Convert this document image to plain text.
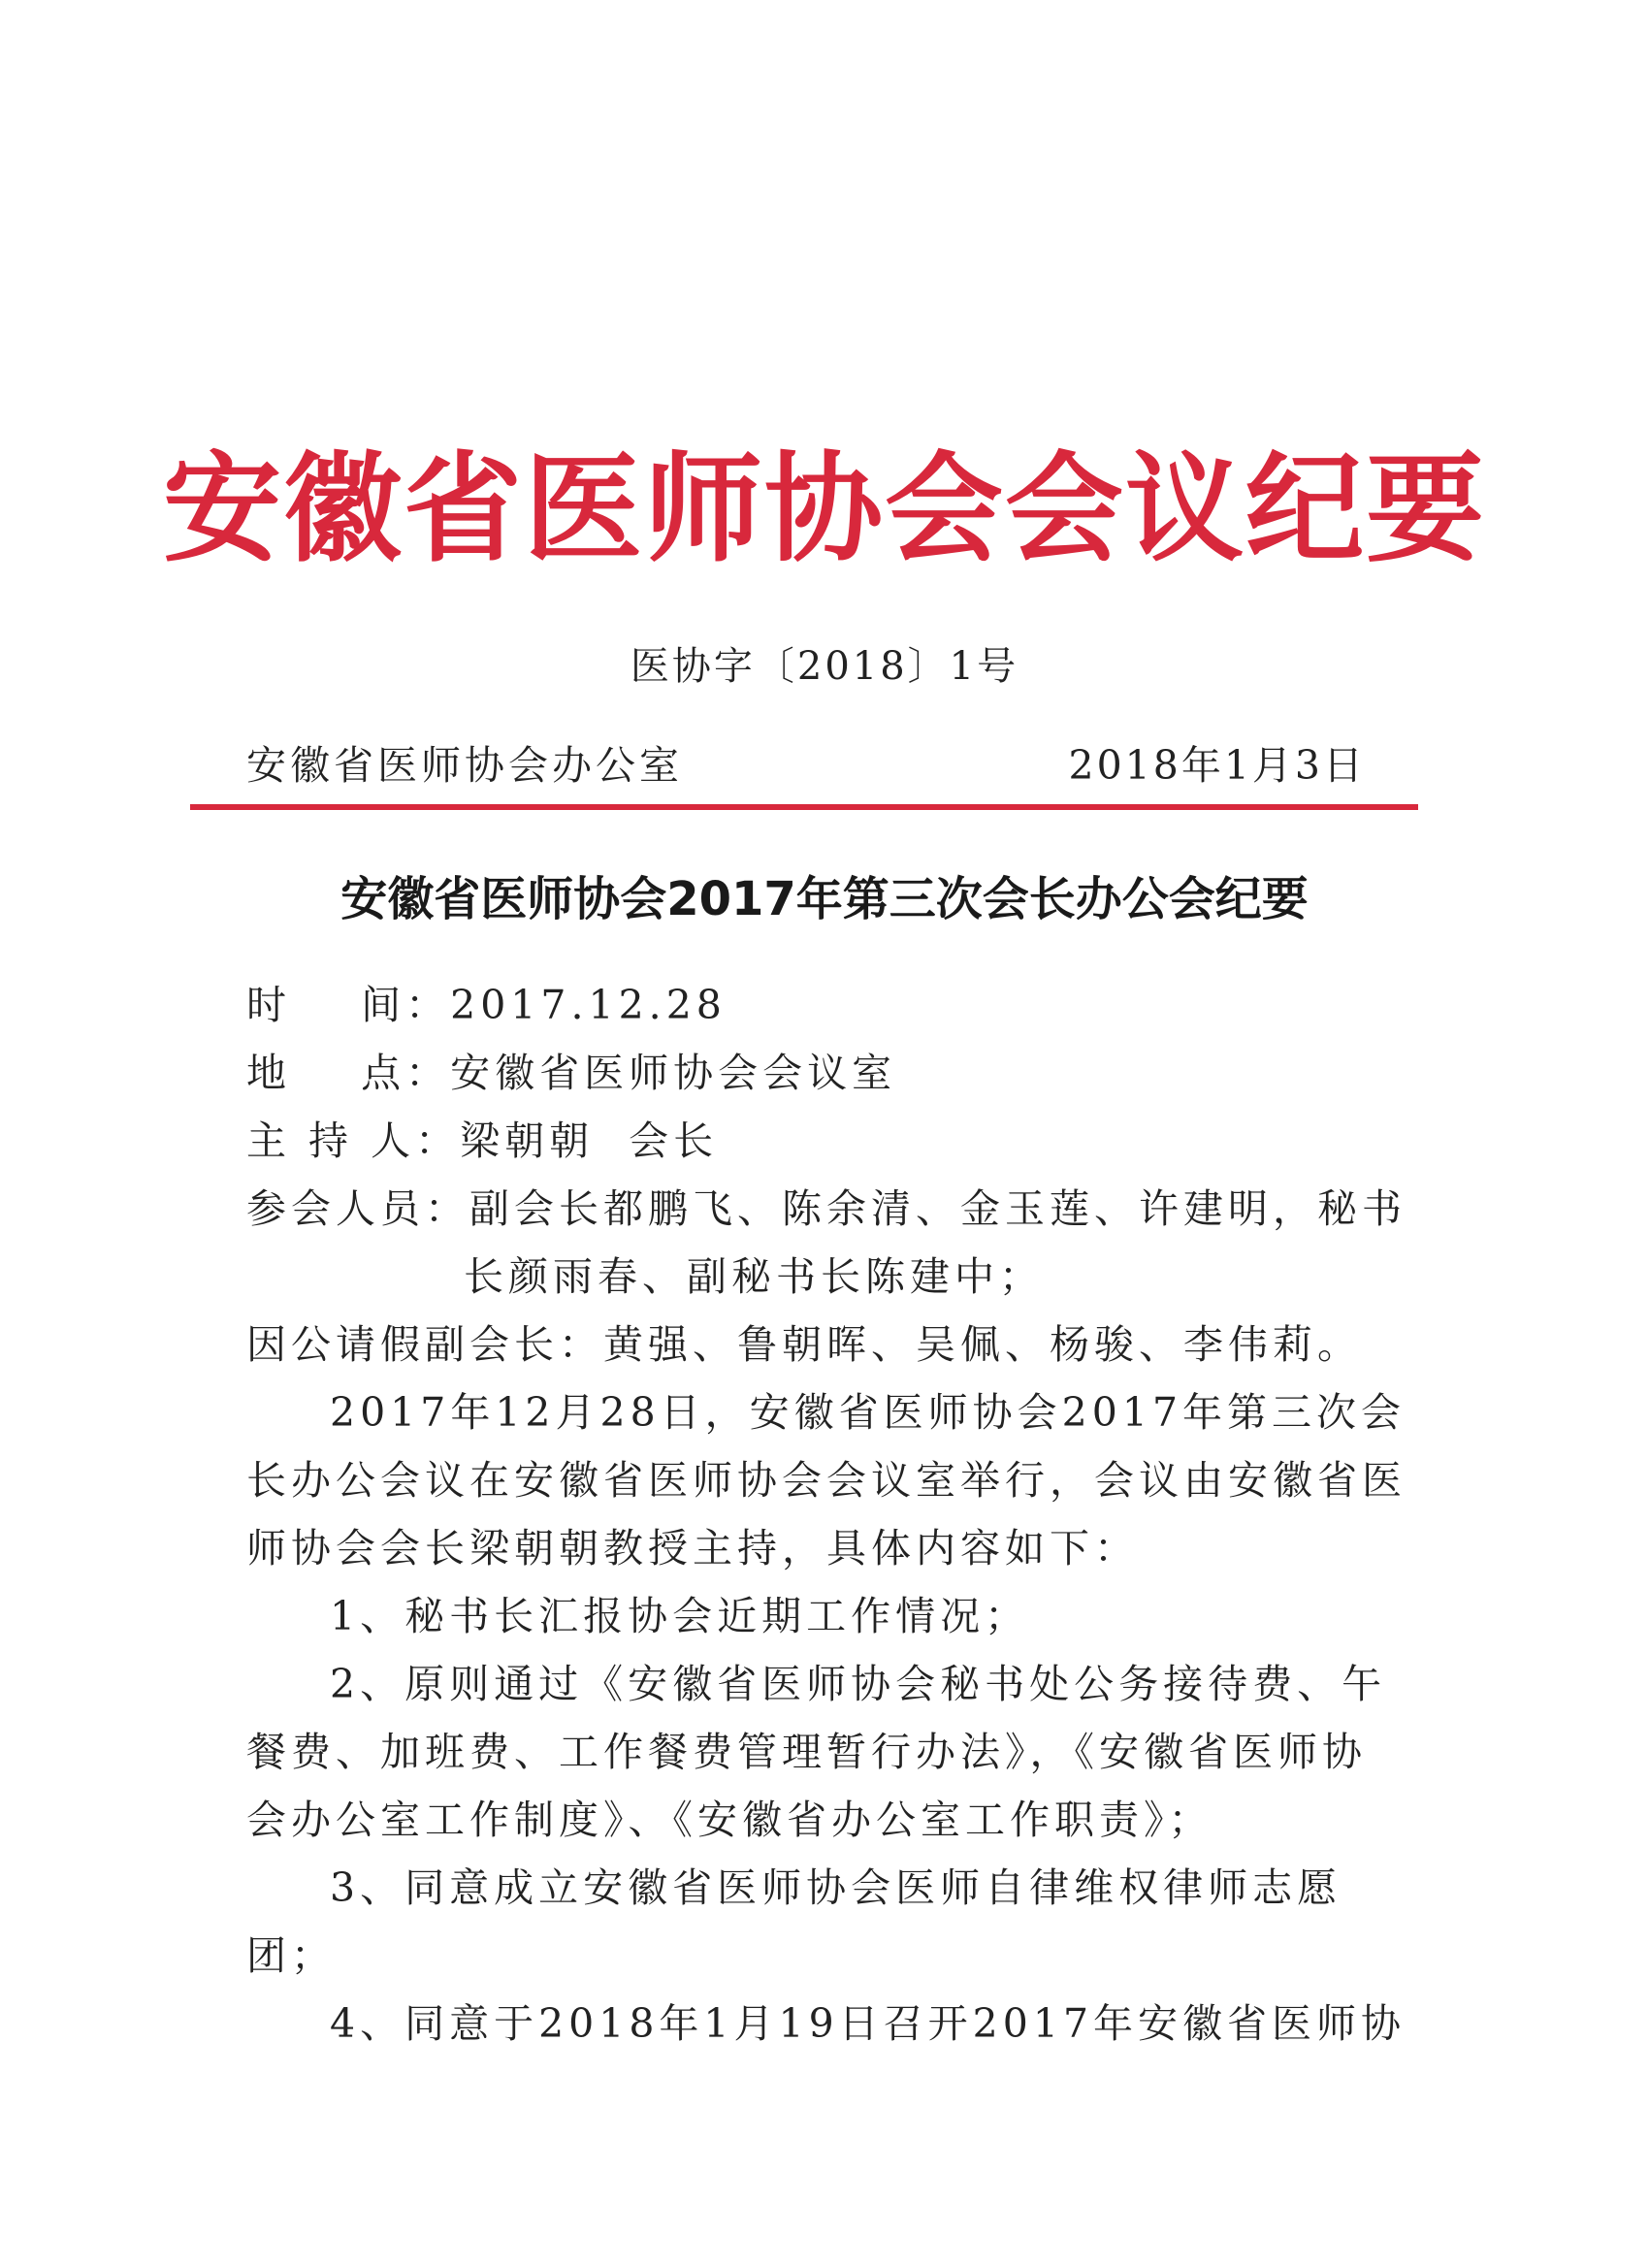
安徽省医师协会会议纪要
医协字〔2018〕1号
安徽省医师协会办公室	2018年1月3日
安徽省医师协会2017年第三次会长办公会纪要
时    间：2017.12.28
地    点：安徽省医师协会会议室
主 持 人：梁朝朝  会长
参会人员：副会长都鹏飞、陈余清、金玉莲、许建明，秘书
长颜雨春、副秘书长陈建中；
因公请假副会长：黄强、鲁朝晖、吴佩、杨骏、李伟莉。
2017年12月28日，安徽省医师协会2017年第三次会
长办公会议在安徽省医师协会会议室举行，会议由安徽省医
师协会会长梁朝朝教授主持，具体内容如下：
1、秘书长汇报协会近期工作情况；
2、原则通过《安徽省医师协会秘书处公务接待费、午
餐费、加班费、工作餐费管理暂行办法》，《安徽省医师协
会办公室工作制度》、《安徽省办公室工作职责》；
3、同意成立安徽省医师协会医师自律维权律师志愿
团；
4、同意于2018年1月19日召开2017年安徽省医师协
